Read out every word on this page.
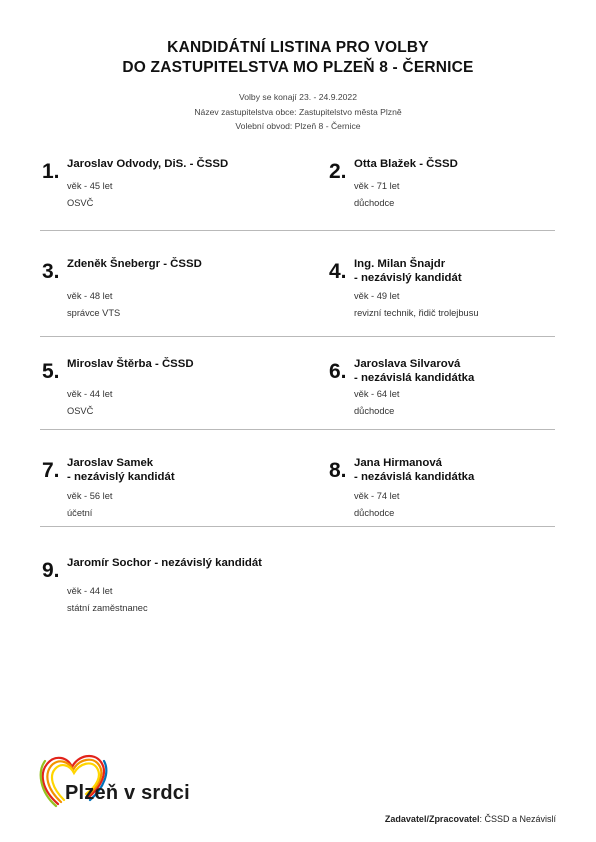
KANDIDÁTNÍ LISTINA PRO VOLBY
DO ZASTUPITELSTVA MO PLZEŇ 8 - ČERNICE
Volby se konají 23. - 24.9.2022
Název zastupitelstva obce: Zastupitelstvo města Plzně
Volební obvod: Plzeň 8 - Černice
1. Jaroslav Odvody, DiS. - ČSSD
věk - 45 let
OSVČ
2. Otta Blažek - ČSSD
věk - 71 let
důchodce
3. Zdeněk Šnebergr - ČSSD
věk - 48 let
správce VTS
4. Ing. Milan Šnajdr
- nezávislý kandidát
věk - 49 let
revizní technik, řidič trolejbusu
5. Miroslav Štěrba - ČSSD
věk - 44 let
OSVČ
6. Jaroslava Silvarová
- nezávislá kandidátka
věk - 64 let
důchodce
7. Jaroslav Samek
- nezávislý kandidát
věk - 56 let
účetní
8. Jana Hirmanová
- nezávislá kandidátka
věk - 74 let
důchodce
9. Jaromír Sochor - nezávislý kandidát
věk - 44 let
státní zaměstnanec
Plzeň v srdci
Zadavatel/Zpracovatel: ČSSD a Nezávislí
